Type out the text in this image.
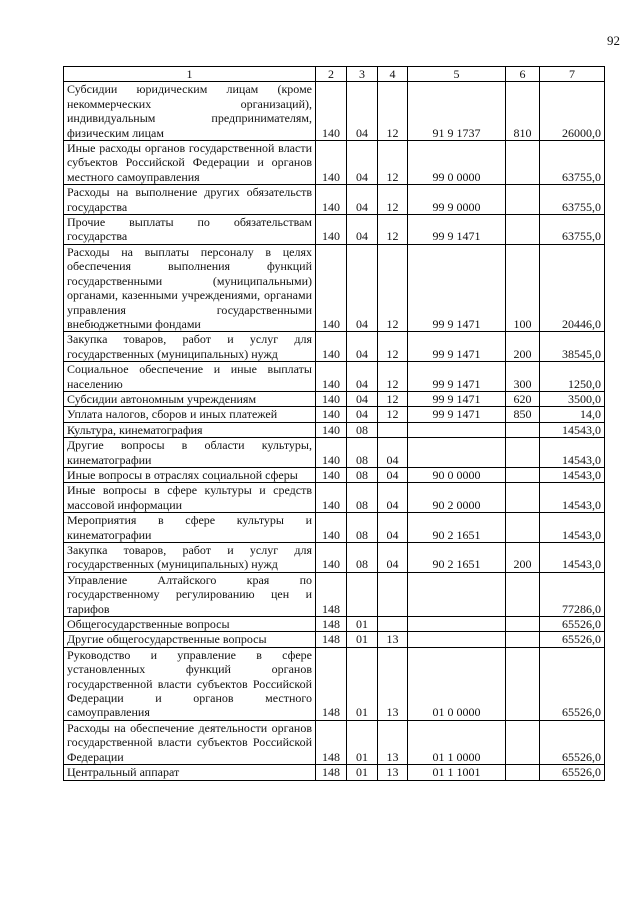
92
1	2	3	4	5	6	7
Субсидии юридическим лицам (кроме некоммерческих организаций), индивидуальным предпринимателям, физическим лицам	140	04	12	91 9 1737	810	26000,0
Иные расходы органов государственной власти субъектов Российской Федерации и органов местного самоуправления	140	04	12	99 0 0000		63755,0
Расходы на выполнение других обязательств государства	140	04	12	99 9 0000		63755,0
Прочие выплаты по обязательствам государства	140	04	12	99 9 1471		63755,0
Расходы на выплаты персоналу в целях обеспечения выполнения функций государственными (муниципальными) органами, казенными учреждениями, органами управления государственными внебюджетными фондами	140	04	12	99 9 1471	100	20446,0
Закупка товаров, работ и услуг для государственных (муниципальных) нужд	140	04	12	99 9 1471	200	38545,0
Социальное обеспечение и иные выплаты населению	140	04	12	99 9 1471	300	1250,0
Субсидии автономным учреждениям	140	04	12	99 9 1471	620	3500,0
Уплата налогов, сборов и иных платежей	140	04	12	99 9 1471	850	14,0
Культура, кинематография	140	08				14543,0
Другие вопросы в области культуры, кинематографии	140	08	04			14543,0
Иные вопросы в отраслях социальной сферы	140	08	04	90 0 0000		14543,0
Иные вопросы в сфере культуры и средств массовой информации	140	08	04	90 2 0000		14543,0
Мероприятия в сфере культуры и кинематографии	140	08	04	90 2 1651		14543,0
Закупка товаров, работ и услуг для государственных (муниципальных) нужд	140	08	04	90 2 1651	200	14543,0
Управление Алтайского края по государственному регулированию цен и тарифов	148					77286,0
Общегосударственные вопросы	148	01				65526,0
Другие общегосударственные вопросы	148	01	13			65526,0
Руководство и управление в сфере установленных функций органов государственной власти субъектов Российской Федерации и органов местного самоуправления	148	01	13	01 0 0000		65526,0
Расходы на обеспечение деятельности органов государственной власти субъектов Российской Федерации	148	01	13	01 1 0000		65526,0
Центральный аппарат	148	01	13	01 1 1001		65526,0
